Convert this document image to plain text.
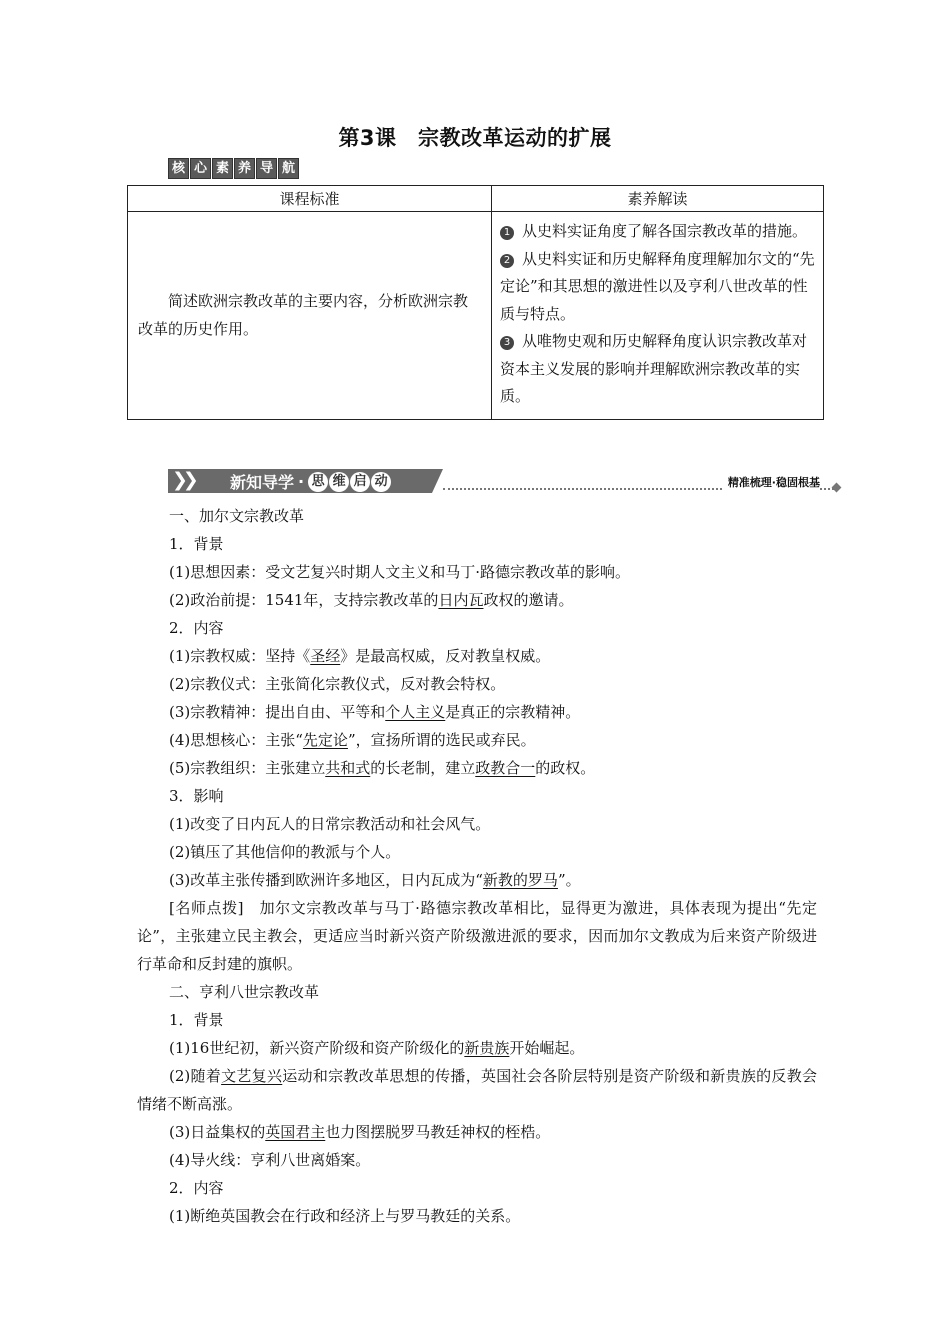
第3课　宗教改革运动的扩展
核 心 素 养 导 航
课程标准	素养解读
简述欧洲宗教改革的主要内容，分析欧洲宗教改革的历史作用。	1 从史料实证角度了解各国宗教改革的措施。
2 从史料实证和历史解释角度理解加尔文的“先定论”和其思想的激进性以及亨利八世改革的性质与特点。
3 从唯物史观和历史解释角度认识宗教改革对资本主义发展的影响并理解欧洲宗教改革的实质。
❯❯ 新知导学 · 思 维 启 动	精准梳理·稳固根基

一、加尔文宗教改革

1．背景

(1)思想因素：受文艺复兴时期人文主义和马丁·路德宗教改革的影响。

(2)政治前提：1541年，支持宗教改革的日内瓦政权的邀请。

2．内容

(1)宗教权威：坚持《圣经》是最高权威，反对教皇权威。

(2)宗教仪式：主张简化宗教仪式，反对教会特权。

(3)宗教精神：提出自由、平等和个人主义是真正的宗教精神。

(4)思想核心：主张“先定论”，宣扬所谓的选民或弃民。

(5)宗教组织：主张建立共和式的长老制，建立政教合一的政权。

3．影响

(1)改变了日内瓦人的日常宗教活动和社会风气。

(2)镇压了其他信仰的教派与个人。

(3)改革主张传播到欧洲许多地区，日内瓦成为“新教的罗马”。

[名师点拨]　加尔文宗教改革与马丁·路德宗教改革相比，显得更为激进，具体表现为提出“先定论”，主张建立民主教会，更适应当时新兴资产阶级激进派的要求，因而加尔文教成为后来资产阶级进行革命和反封建的旗帜。

二、亨利八世宗教改革

1．背景

(1)16世纪初，新兴资产阶级和资产阶级化的新贵族开始崛起。

(2)随着文艺复兴运动和宗教改革思想的传播，英国社会各阶层特别是资产阶级和新贵族的反教会情绪不断高涨。

(3)日益集权的英国君主也力图摆脱罗马教廷神权的桎梏。

(4)导火线：亨利八世离婚案。

2．内容

(1)断绝英国教会在行政和经济上与罗马教廷的关系。
